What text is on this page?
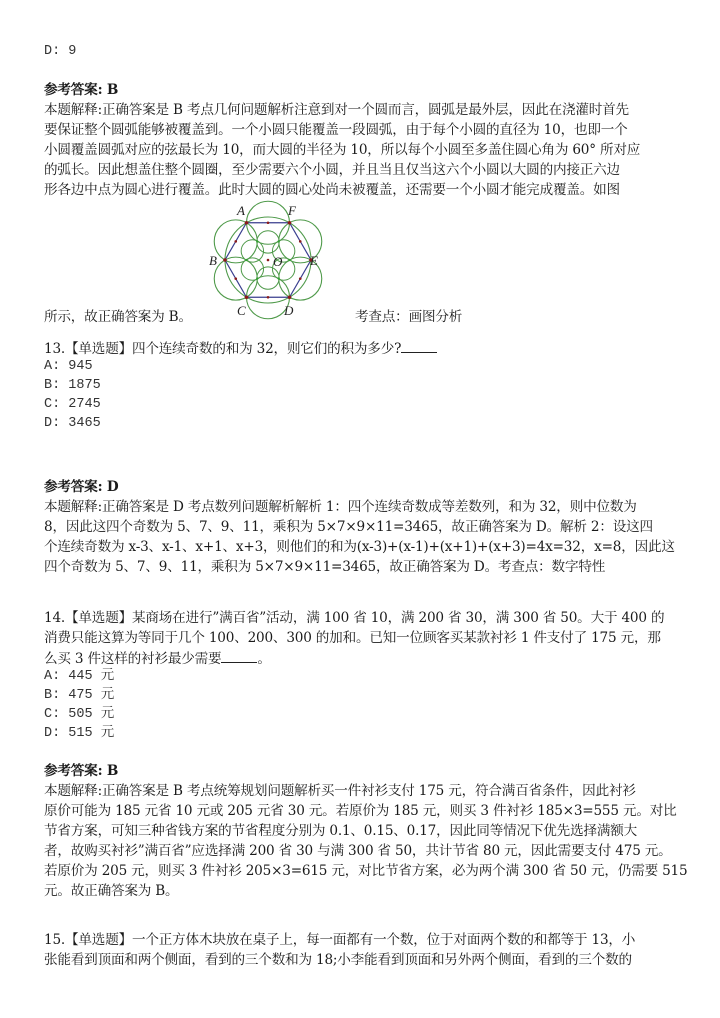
D: 9
参考答案: B
本题解释:正确答案是 B 考点几何问题解析注意到对一个圆而言，圆弧是最外层，因此在浇灌时首先
要保证整个圆弧能够被覆盖到。一个小圆只能覆盖一段圆弧，由于每个小圆的直径为 10，也即一个
小圆覆盖圆弧对应的弦最长为 10，而大圆的半径为 10，所以每个小圆至多盖住圆心角为 60° 所对应
的弧长。因此想盖住整个圆圈，至少需要六个小圆，并且当且仅当这六个小圆以大圆的内接正六边
形各边中点为圆心进行覆盖。此时大圆的圆心处尚未被覆盖，还需要一个小圆才能完成覆盖。如图
所示，故正确答案为 B。	考查点：画图分析
13.【单选题】四个连续奇数的和为 32，则它们的积为多少?
A: 945
B: 1875
C: 2745
D: 3465
参考答案: D
本题解释:正确答案是 D 考点数列问题解析解析 1：四个连续奇数成等差数列，和为 32，则中位数为
8，因此这四个奇数为 5、7、9、11，乘积为 5×7×9×11=3465，故正确答案为 D。解析 2：设这四
个连续奇数为 x-3、x-1、x+1、x+3，则他们的和为(x-3)+(x-1)+(x+1)+(x+3)=4x=32，x=8，因此这
四个奇数为 5、7、9、11，乘积为 5×7×9×11=3465，故正确答案为 D。考查点：数字特性
14.【单选题】某商场在进行”满百省”活动，满 100 省 10，满 200 省 30，满 300 省 50。大于 400 的
消费只能这算为等同于几个 100、200、300 的加和。已知一位顾客买某款衬衫 1 件支付了 175 元，那
么买 3 件这样的衬衫最少需要	。
A: 445 元
B: 475 元
C: 505 元
D: 515 元
参考答案: B
本题解释:正确答案是 B 考点统筹规划问题解析买一件衬衫支付 175 元，符合满百省条件，因此衬衫
原价可能为 185 元省 10 元或 205 元省 30 元。若原价为 185 元，则买 3 件衬衫 185×3=555 元。对比
节省方案，可知三种省钱方案的节省程度分别为 0.1、0.15、0.17，因此同等情况下优先选择满额大
者，故购买衬衫”满百省”应选择满 200 省 30 与满 300 省 50，共计节省 80 元，因此需要支付 475 元。
若原价为 205 元，则买 3 件衬衫 205×3=615 元，对比节省方案，必为两个满 300 省 50 元，仍需要 515
元。故正确答案为 B。
15.【单选题】一个正方体木块放在桌子上，每一面都有一个数，位于对面两个数的和都等于 13，小
张能看到顶面和两个侧面，看到的三个数和为 18;小李能看到顶面和另外两个侧面，看到的三个数的
A	F
B	E
C	D
O
